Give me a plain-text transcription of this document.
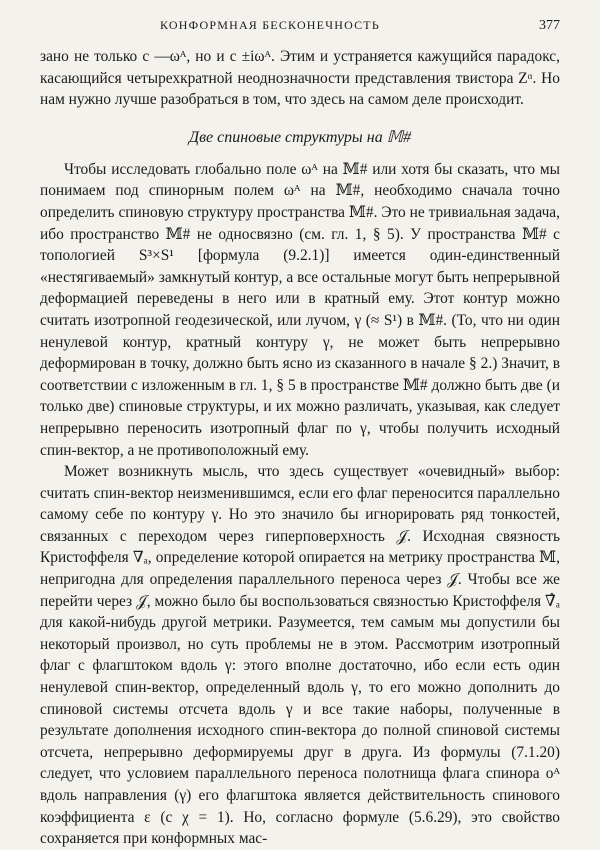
КОНФОРМНАЯ БЕСКОНЕЧНОСТЬ	377

зано не только с —ωᴬ, но и с ±iωᴬ. Этим и устраняется кажущийся парадокс, касающийся четырехкратной неоднозначности представления твистора Zᵅ. Но нам нужно лучше разобраться в том, что здесь на самом деле происходит.

Две спиновые структуры на 𝕄#

Чтобы исследовать глобально поле ωᴬ на 𝕄# или хотя бы сказать, что мы понимаем под спинорным полем ωᴬ на 𝕄#, необходимо сначала точно определить спиновую структуру пространства 𝕄#. Это не тривиальная задача, ибо пространство 𝕄# не односвязно (см. гл. 1, § 5). У пространства 𝕄# с топологией S³×S¹ [формула (9.2.1)] имеется один-единственный «нестягиваемый» замкнутый контур, а все остальные могут быть непрерывной деформацией переведены в него или в кратный ему. Этот контур можно считать изотропной геодезической, или лучом, γ (≈ S¹) в 𝕄#. (То, что ни один ненулевой контур, кратный контуру γ, не может быть непрерывно деформирован в точку, должно быть ясно из сказанного в начале § 2.) Значит, в соответствии с изложенным в гл. 1, § 5 в пространстве 𝕄# должно быть две (и только две) спиновые структуры, и их можно различать, указывая, как следует непрерывно переносить изотропный флаг по γ, чтобы получить исходный спин-вектор, а не противоположный ему.

Может возникнуть мысль, что здесь существует «очевидный» выбор: считать спин-вектор неизменившимся, если его флаг переносится параллельно самому себе по контуру γ. Но это значило бы игнорировать ряд тонкостей, связанных с переходом через гиперповерхность 𝒥. Исходная связность Кристоффеля ∇ₐ, определение которой опирается на метрику пространства 𝕄, непригодна для определения параллельного переноса через 𝒥. Чтобы все же перейти через 𝒥, можно было бы воспользоваться связностью Кристоффеля ∇̂ₐ для какой-нибудь другой метрики. Разумеется, тем самым мы допустили бы некоторый произвол, но суть проблемы не в этом. Рассмотрим изотропный флаг с флагштоком вдоль γ: этого вполне достаточно, ибо если есть один ненулевой спин-вектор, определенный вдоль γ, то его можно дополнить до спиновой системы отсчета вдоль γ и все такие наборы, полученные в результате дополнения исходного спин-вектора до полной спиновой системы отсчета, непрерывно деформируемы друг в друга. Из формулы (7.1.20) следует, что условием параллельного переноса полотнища флага спинора oᴬ вдоль направления (γ) его флагштока является действительность спинового коэффициента ε (с χ = 1). Но, согласно формуле (5.6.29), это свойство сохраняется при конформных мас-
